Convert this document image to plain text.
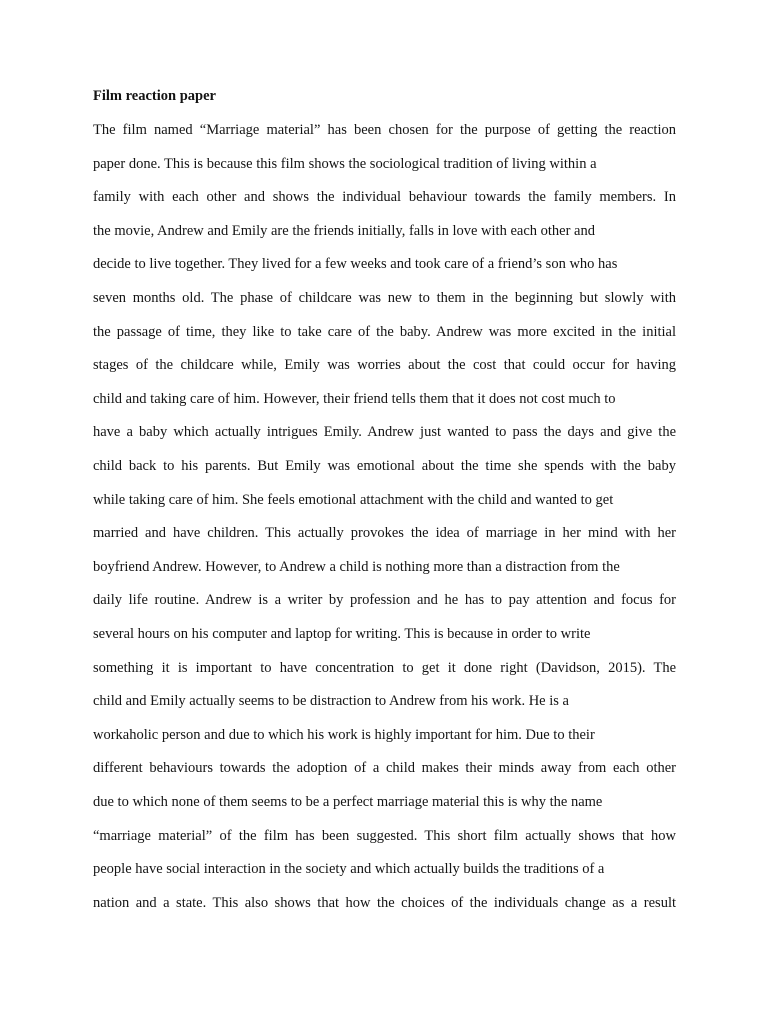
Film reaction paper
The film named “Marriage material” has been chosen for the purpose of getting the reaction
paper done. This is because this film shows the sociological tradition of living within a
family with each other and shows the individual behaviour towards the family members. In
the movie, Andrew and Emily are the friends initially, falls in love with each other and
decide to live together. They lived for a few weeks and took care of a friend’s son who has
seven months old. The phase of childcare was new to them in the beginning but slowly with
the passage of time, they like to take care of the baby. Andrew was more excited in the initial
stages of the childcare while, Emily was worries about the cost that could occur for having
child and taking care of him. However, their friend tells them that it does not cost much to
have a baby which actually intrigues Emily. Andrew just wanted to pass the days and give the
child back to his parents. But Emily was emotional about the time she spends with the baby
while taking care of him. She feels emotional attachment with the child and wanted to get
married and have children. This actually provokes the idea of marriage in her mind with her
boyfriend Andrew. However, to Andrew a child is nothing more than a distraction from the
daily life routine. Andrew is a writer by profession and he has to pay attention and focus for
several hours on his computer and laptop for writing. This is because in order to write
something it is important to have concentration to get it done right (Davidson, 2015). The
child and Emily actually seems to be distraction to Andrew from his work. He is a
workaholic person and due to which his work is highly important for him. Due to their
different behaviours towards the adoption of a child makes their minds away from each other
due to which none of them seems to be a perfect marriage material this is why the name
“marriage material” of the film has been suggested. This short film actually shows that how
people have social interaction in the society and which actually builds the traditions of a
nation and a state. This also shows that how the choices of the individuals change as a result
